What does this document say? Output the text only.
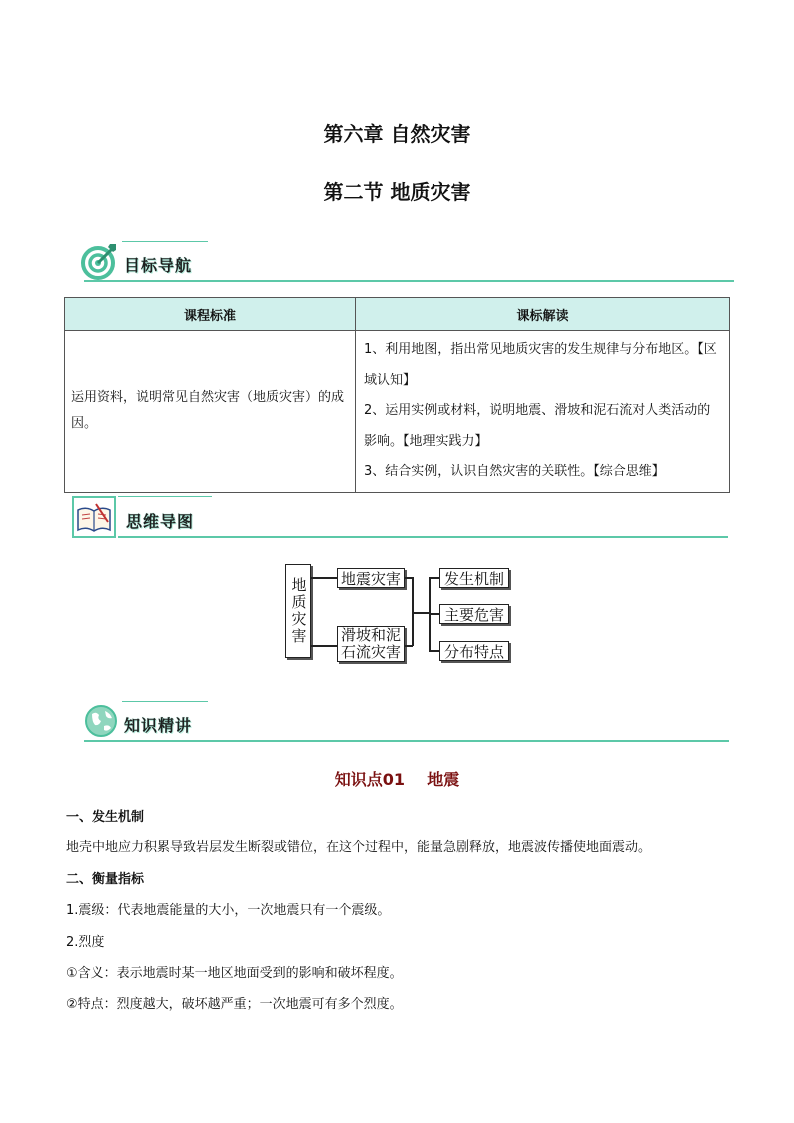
第六章 自然灾害
第二节 地质灾害
目标导航
课程标准	课标解读
运用资料，说明常见自然灾害（地质灾害）的成因。	1、利用地图，指出常见地质灾害的发生规律与分布地区。【区域认知】
2、运用实例或材料，说明地震、滑坡和泥石流对人类活动的影响。【地理实践力】
3、结合实例，认识自然灾害的关联性。【综合思维】
思维导图
地质灾害 地震灾害
滑坡和泥石流灾害
发生机制
主要危害
分布特点
知识精讲
知识点01    地震
一、发生机制
地壳中地应力积累导致岩层发生断裂或错位，在这个过程中，能量急剧释放，地震波传播使地面震动。
二、衡量指标
1.震级：代表地震能量的大小，一次地震只有一个震级。
2.烈度
①含义：表示地震时某一地区地面受到的影响和破坏程度。
②特点：烈度越大，破坏越严重；一次地震可有多个烈度。
